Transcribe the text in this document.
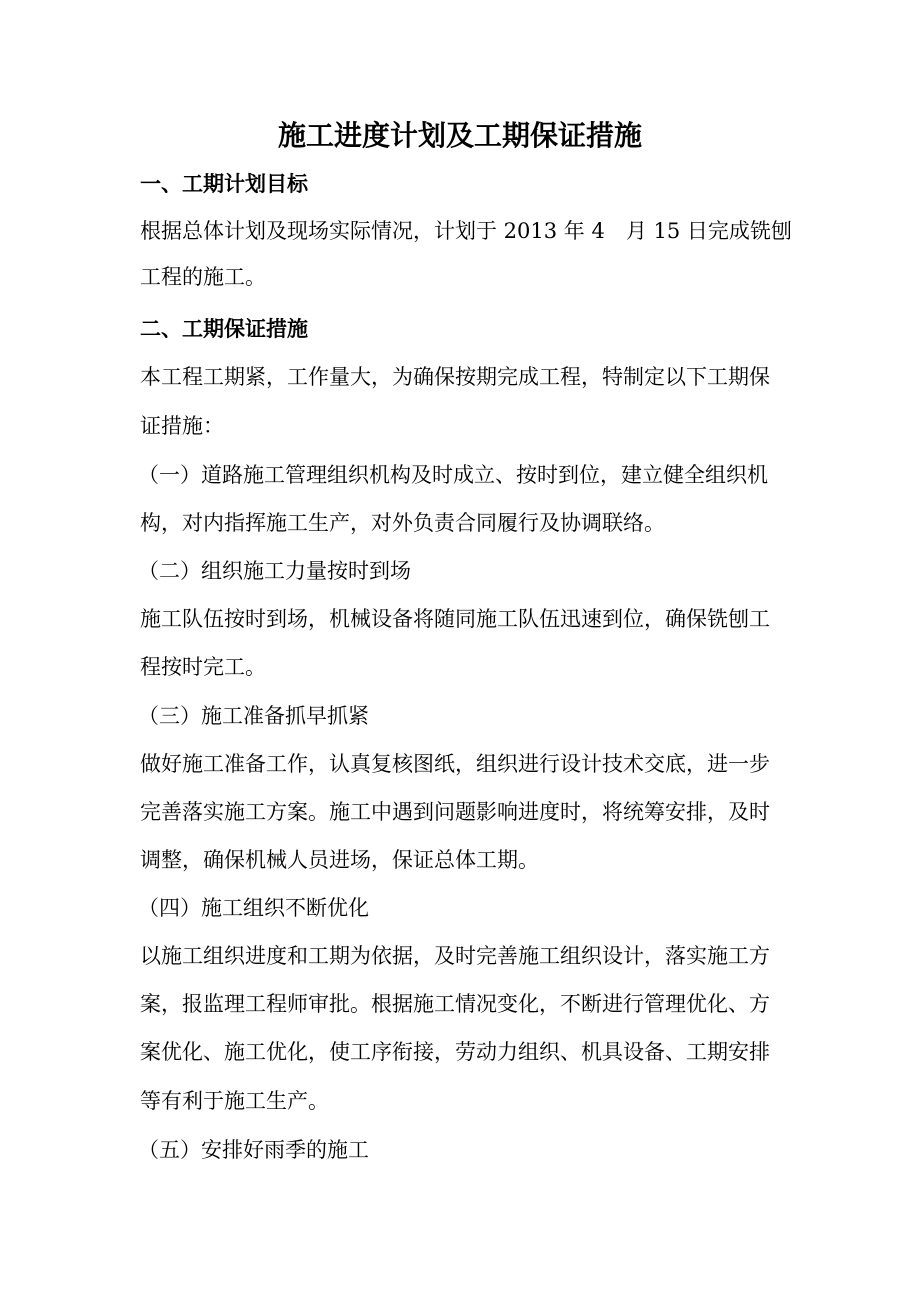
施工进度计划及工期保证措施
一、工期计划目标
根据总体计划及现场实际情况，计划于 2013 年 4　月 15 日完成铣刨
工程的施工。
二、工期保证措施
本工程工期紧，工作量大，为确保按期完成工程，特制定以下工期保
证措施：
（一）道路施工管理组织机构及时成立、按时到位，建立健全组织机
构，对内指挥施工生产，对外负责合同履行及协调联络。
（二）组织施工力量按时到场
施工队伍按时到场，机械设备将随同施工队伍迅速到位，确保铣刨工
程按时完工。
（三）施工准备抓早抓紧
做好施工准备工作，认真复核图纸，组织进行设计技术交底，进一步
完善落实施工方案。施工中遇到问题影响进度时，将统筹安排，及时
调整，确保机械人员进场，保证总体工期。
（四）施工组织不断优化
以施工组织进度和工期为依据，及时完善施工组织设计，落实施工方
案，报监理工程师审批。根据施工情况变化，不断进行管理优化、方
案优化、施工优化，使工序衔接，劳动力组织、机具设备、工期安排
等有利于施工生产。
（五）安排好雨季的施工
